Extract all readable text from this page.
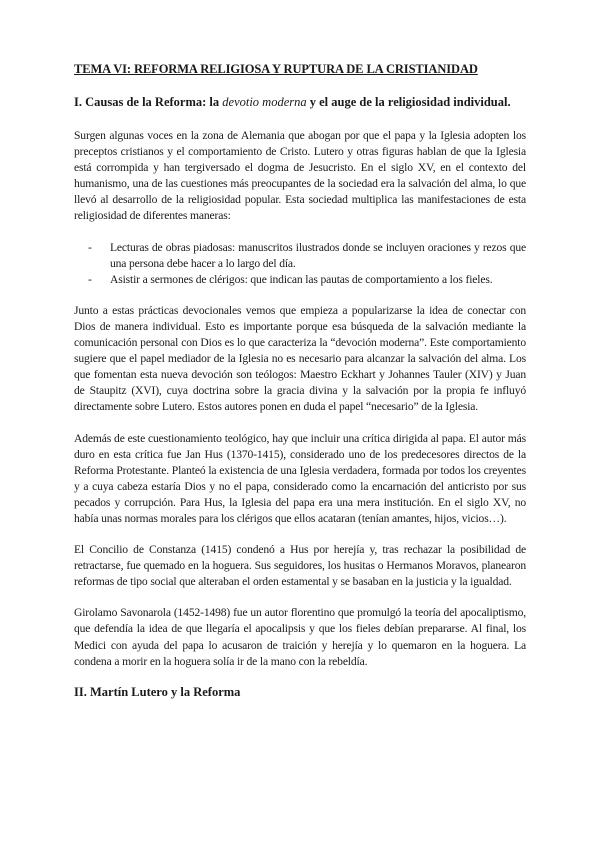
TEMA VI: REFORMA RELIGIOSA Y RUPTURA DE LA CRISTIANIDAD
I. Causas de la Reforma: la devotio moderna y el auge de la religiosidad individual.

Surgen algunas voces en la zona de Alemania que abogan por que el papa y la Iglesia adopten los preceptos cristianos y el comportamiento de Cristo. Lutero y otras figuras hablan de que la Iglesia está corrompida y han tergiversado el dogma de Jesucristo. En el siglo XV, en el contexto del humanismo, una de las cuestiones más preocupantes de la sociedad era la salvación del alma, lo que llevó al desarrollo de la religiosidad popular. Esta sociedad multiplica las manifestaciones de esta religiosidad de diferentes maneras:

- Lecturas de obras piadosas: manuscritos ilustrados donde se incluyen oraciones y rezos que una persona debe hacer a lo largo del día.
- Asistir a sermones de clérigos: que indican las pautas de comportamiento a los fieles.

Junto a estas prácticas devocionales vemos que empieza a popularizarse la idea de conectar con Dios de manera individual. Esto es importante porque esa búsqueda de la salvación mediante la comunicación personal con Dios es lo que caracteriza la “devoción moderna”. Este comportamiento sugiere que el papel mediador de la Iglesia no es necesario para alcanzar la salvación del alma. Los que fomentan esta nueva devoción son teólogos: Maestro Eckhart y Johannes Tauler (XIV) y Juan de Staupitz (XVI), cuya doctrina sobre la gracia divina y la salvación por la propia fe influyó directamente sobre Lutero. Estos autores ponen en duda el papel “necesario” de la Iglesia.

Además de este cuestionamiento teológico, hay que incluir una crítica dirigida al papa. El autor más duro en esta crítica fue Jan Hus (1370-1415), considerado uno de los predecesores directos de la Reforma Protestante. Planteó la existencia de una Iglesia verdadera, formada por todos los creyentes y a cuya cabeza estaría Dios y no el papa, considerado como la encarnación del anticristo por sus pecados y corrupción. Para Hus, la Iglesia del papa era una mera institución. En el siglo XV, no había unas normas morales para los clérigos que ellos acataran (tenían amantes, hijos, vicios…).

El Concilio de Constanza (1415) condenó a Hus por herejía y, tras rechazar la posibilidad de retractarse, fue quemado en la hoguera. Sus seguidores, los husitas o Hermanos Moravos, planearon reformas de tipo social que alteraban el orden estamental y se basaban en la justicia y la igualdad.

Girolamo Savonarola (1452-1498) fue un autor florentino que promulgó la teoría del apocaliptismo, que defendía la idea de que llegaría el apocalipsis y que los fieles debían prepararse. Al final, los Medici con ayuda del papa lo acusaron de traición y herejía y lo quemaron en la hoguera. La condena a morir en la hoguera solía ir de la mano con la rebeldía.

II. Martín Lutero y la Reforma
